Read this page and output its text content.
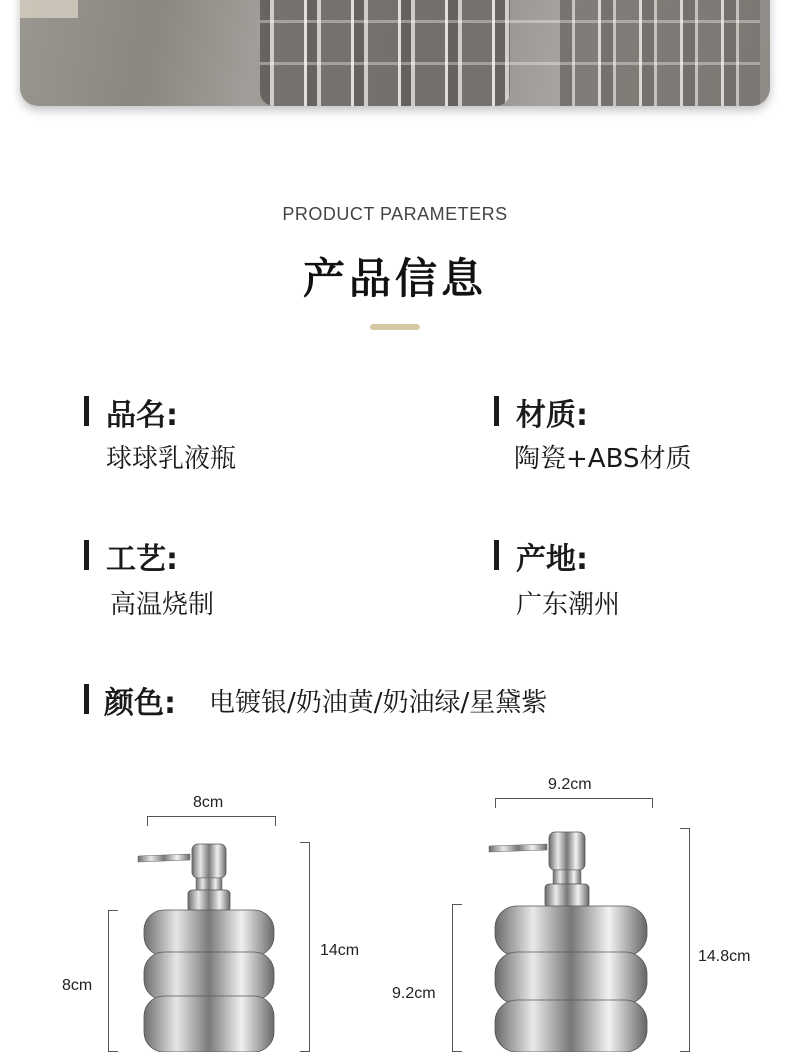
PRODUCT PARAMETERS
产品信息
品名:
球球乳液瓶
材质:
陶瓷+ABS材质
工艺:
高温烧制
产地:
广东潮州
颜色: 电镀银/奶油黄/奶油绿/星黛紫
8cm
14cm
8cm
9.2cm
14.8cm
9.2cm
